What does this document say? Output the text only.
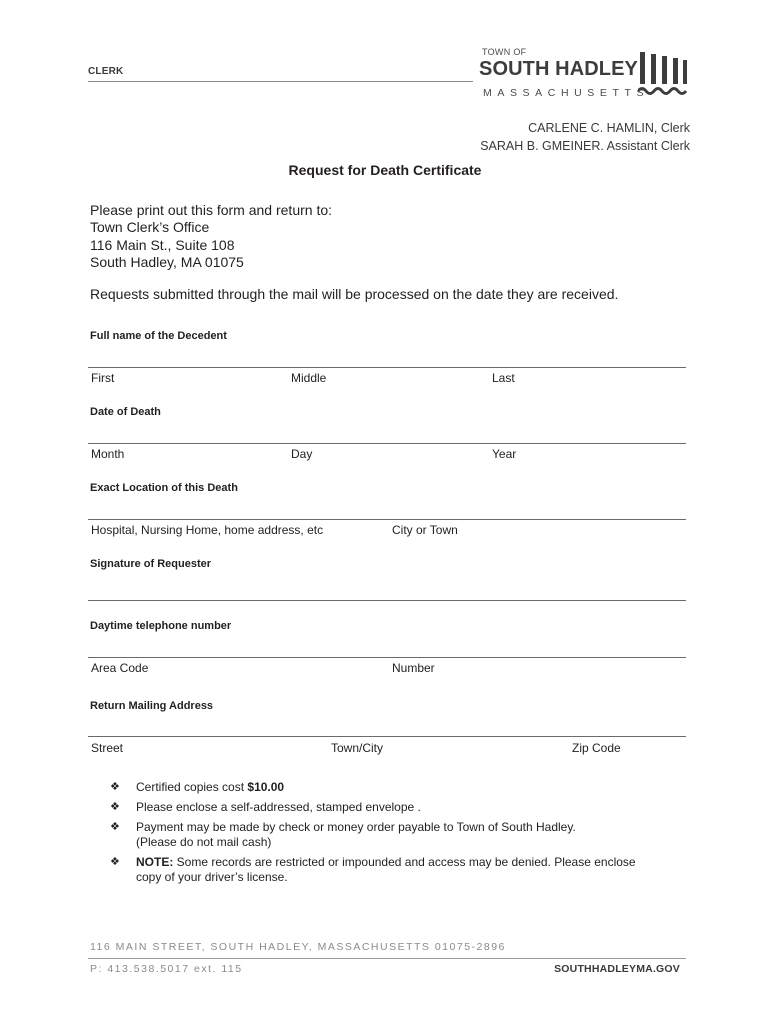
CLERK
TOWN OF
SOUTH HADLEY
MASSACHUSETTS
CARLENE C. HAMLIN, Clerk
SARAH B. GMEINER. Assistant Clerk
Request for Death Certificate
Please print out this form and return to:
Town Clerk’s Office
116 Main St., Suite 108
South Hadley, MA 01075
Requests submitted through the mail will be processed on the date they are received.
Full name of the Decedent
First	Middle	Last
Date of Death
Month	Day	Year
Exact Location of this Death
Hospital, Nursing Home, home address, etc	City or Town
Signature of Requester
Daytime telephone number
Area Code	Number
Return Mailing Address
Street	Town/City	Zip Code
❖ Certified copies cost $10.00
❖ Please enclose a self-addressed, stamped envelope .
❖ Payment may be made by check or money order payable to Town of South Hadley.
(Please do not mail cash)
❖ NOTE: Some records are restricted or impounded and access may be denied. Please enclose
copy of your driver’s license.
116 MAIN STREET, SOUTH HADLEY, MASSACHUSETTS 01075-2896
P: 413.538.5017 ext. 115	SOUTHHADLEYMA.GOV
